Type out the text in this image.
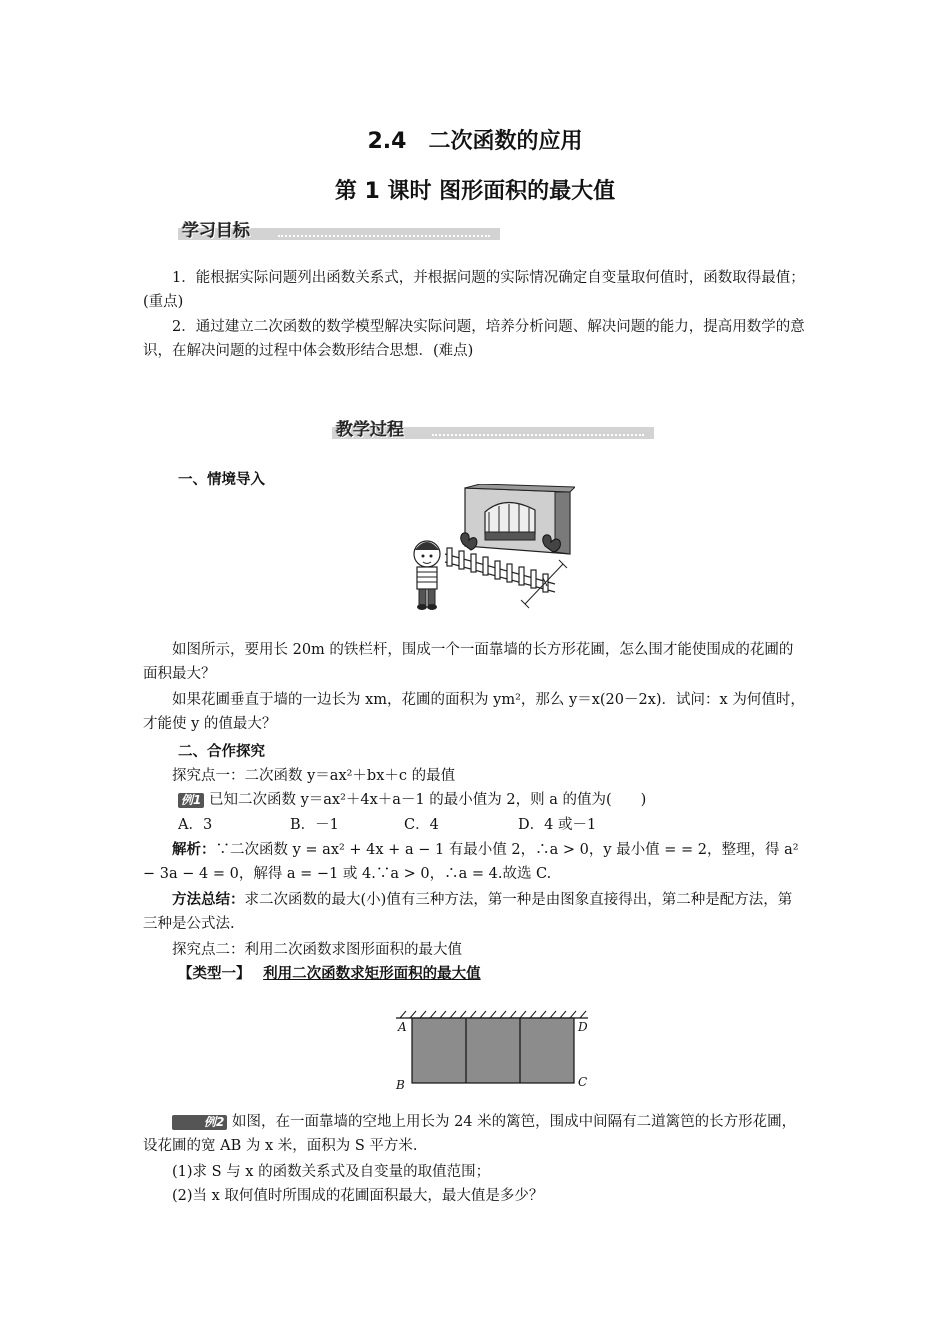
2.4　二次函数的应用
第 1 课时 图形面积的最大值
学习目标

1．能根据实际问题列出函数关系式，并根据问题的实际情况确定自变量取何值时，函数取得最值；(重点)

2．通过建立二次函数的数学模型解决实际问题，培养分析问题、解决问题的能力，提高用数学的意识，在解决问题的过程中体会数形结合思想．(难点)

教学过程
一、情境导入

如图所示，要用长 20m 的铁栏杆，围成一个一面靠墙的长方形花圃，怎么围才能使围成的花圃的面积最大？

如果花圃垂直于墙的一边长为 xm，花圃的面积为 ym²，那么 y＝x(20－2x)．试问：x 为何值时，才能使 y 的值最大？

二、合作探究

探究点一：二次函数 y＝ax²＋bx＋c 的最值

例1 已知二次函数 y＝ax²＋4x＋a－1 的最小值为 2，则 a 的值为(　　)

A．3	B．－1	C．4	D．4 或－1

解析：∵二次函数 y = ax² + 4x + a − 1 有最小值 2，∴a > 0，y 最小值 = = 2，整理，得 a² − 3a − 4 = 0，解得 a = −1 或 4.∵a > 0，∴a = 4.故选 C.

方法总结：求二次函数的最大(小)值有三种方法，第一种是由图象直接得出，第二种是配方法，第三种是公式法.

探究点二：利用二次函数求图形面积的最大值

【类型一】 利用二次函数求矩形面积的最大值

A	D
B	C

例2 如图，在一面靠墙的空地上用长为 24 米的篱笆，围成中间隔有二道篱笆的长方形花圃，设花圃的宽 AB 为 x 米，面积为 S 平方米.

(1)求 S 与 x 的函数关系式及自变量的取值范围；

(2)当 x 取何值时所围成的花圃面积最大，最大值是多少？
